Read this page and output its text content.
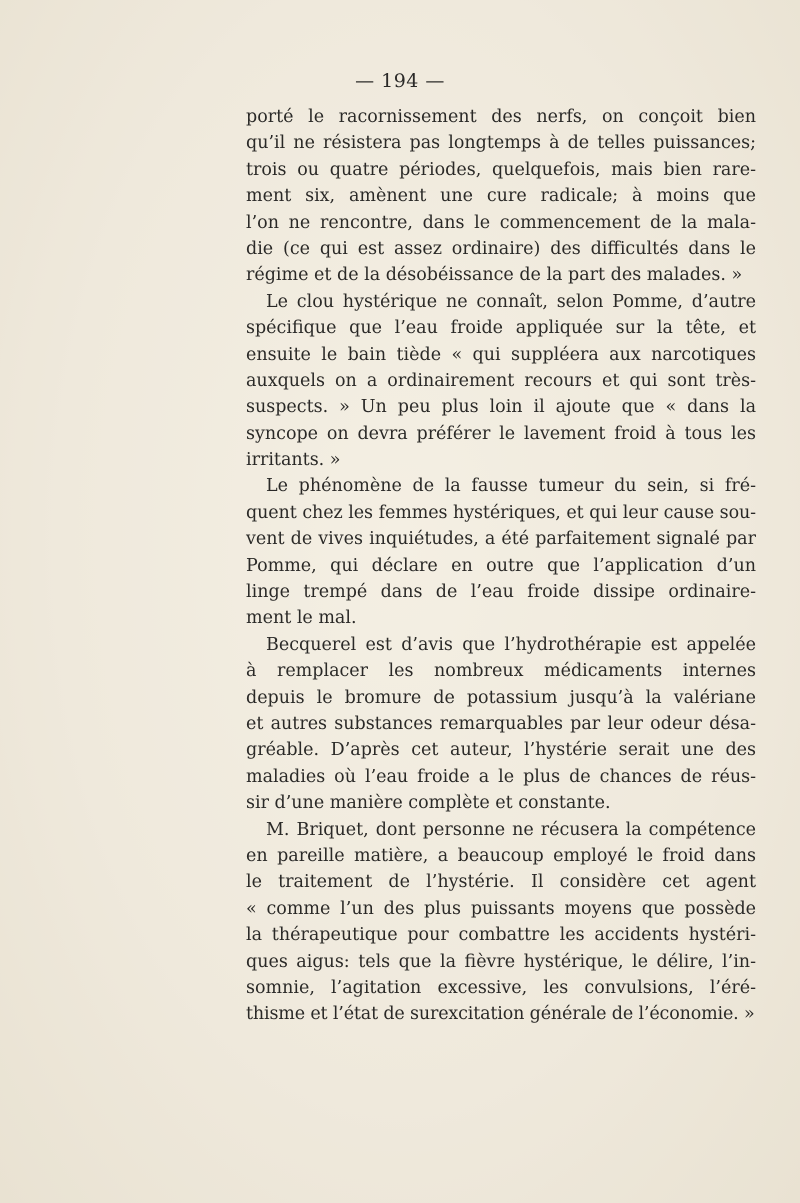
— 194 —
porté le racornissement des nerfs, on conçoit bien
qu’il ne résistera pas longtemps à de telles puissances;
trois ou quatre périodes, quelquefois, mais bien rare-
ment six, amènent une cure radicale; à moins que
l’on ne rencontre, dans le commencement de la mala-
die (ce qui est assez ordinaire) des difficultés dans le
régime et de la désobéissance de la part des malades. »
Le clou hystérique ne connaît, selon Pomme, d’autre
spécifique que l’eau froide appliquée sur la tête, et
ensuite le bain tiède « qui suppléera aux narcotiques
auxquels on a ordinairement recours et qui sont très-
suspects. » Un peu plus loin il ajoute que « dans la
syncope on devra préférer le lavement froid à tous les
irritants. »
Le phénomène de la fausse tumeur du sein, si fré-
quent chez les femmes hystériques, et qui leur cause sou-
vent de vives inquiétudes, a été parfaitement signalé par
Pomme, qui déclare en outre que l’application d’un
linge trempé dans de l’eau froide dissipe ordinaire-
ment le mal.
Becquerel est d’avis que l’hydrothérapie est appelée
à remplacer les nombreux médicaments internes
depuis le bromure de potassium jusqu’à la valériane
et autres substances remarquables par leur odeur désa-
gréable. D’après cet auteur, l’hystérie serait une des
maladies où l’eau froide a le plus de chances de réus-
sir d’une manière complète et constante.
M. Briquet, dont personne ne récusera la compétence
en pareille matière, a beaucoup employé le froid dans
le traitement de l’hystérie. Il considère cet agent
« comme l’un des plus puissants moyens que possède
la thérapeutique pour combattre les accidents hystéri-
ques aigus: tels que la fièvre hystérique, le délire, l’in-
somnie, l’agitation excessive, les convulsions, l’éré-
thisme et l’état de surexcitation générale de l’économie. »
